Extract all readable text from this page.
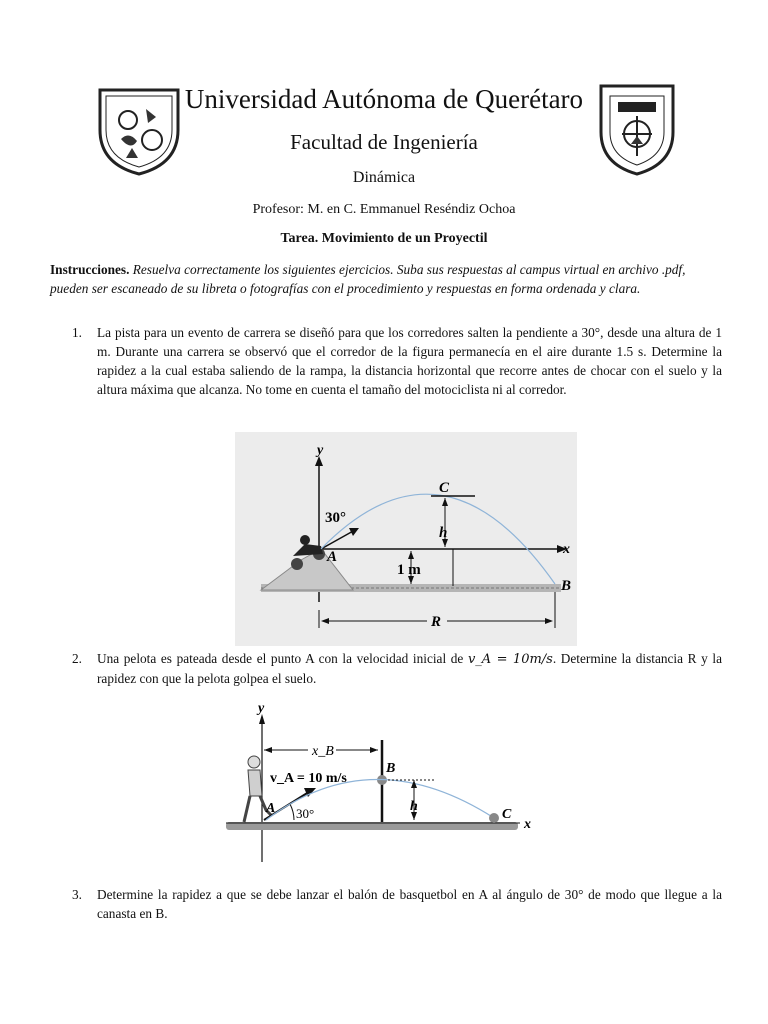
Universidad Autónoma de Querétaro
Facultad de Ingeniería
Dinámica
Profesor: M. en C. Emmanuel Reséndiz Ochoa
Tarea. Movimiento de un Proyectil
Instrucciones. Resuelva correctamente los siguientes ejercicios. Suba sus respuestas al campus virtual en archivo .pdf, pueden ser escaneado de su libreta o fotografías con el procedimiento y respuestas en forma ordenada y clara.
1. La pista para un evento de carrera se diseñó para que los corredores salten la pendiente a 30°, desde una altura de 1 m. Durante una carrera se observó que el corredor de la figura permanecía en el aire durante 1.5 s. Determine la rapidez a la cual estaba saliendo de la rampa, la distancia horizontal que recorre antes de chocar con el suelo y la altura máxima que alcanza. No tome en cuenta el tamaño del motociclista ni al corredor.
y
x
30°
C
h
A
1 m
B
R
2. Una pelota es pateada desde el punto A con la velocidad inicial de v_A = 10m/s. Determine la distancia R y la rapidez con que la pelota golpea el suelo.
y
x
x_B
B
v_A = 10 m/s
A 30°	h
C
3. Determine la rapidez a que se debe lanzar el balón de basquetbol en A al ángulo de 30° de modo que llegue a la canasta en B.
